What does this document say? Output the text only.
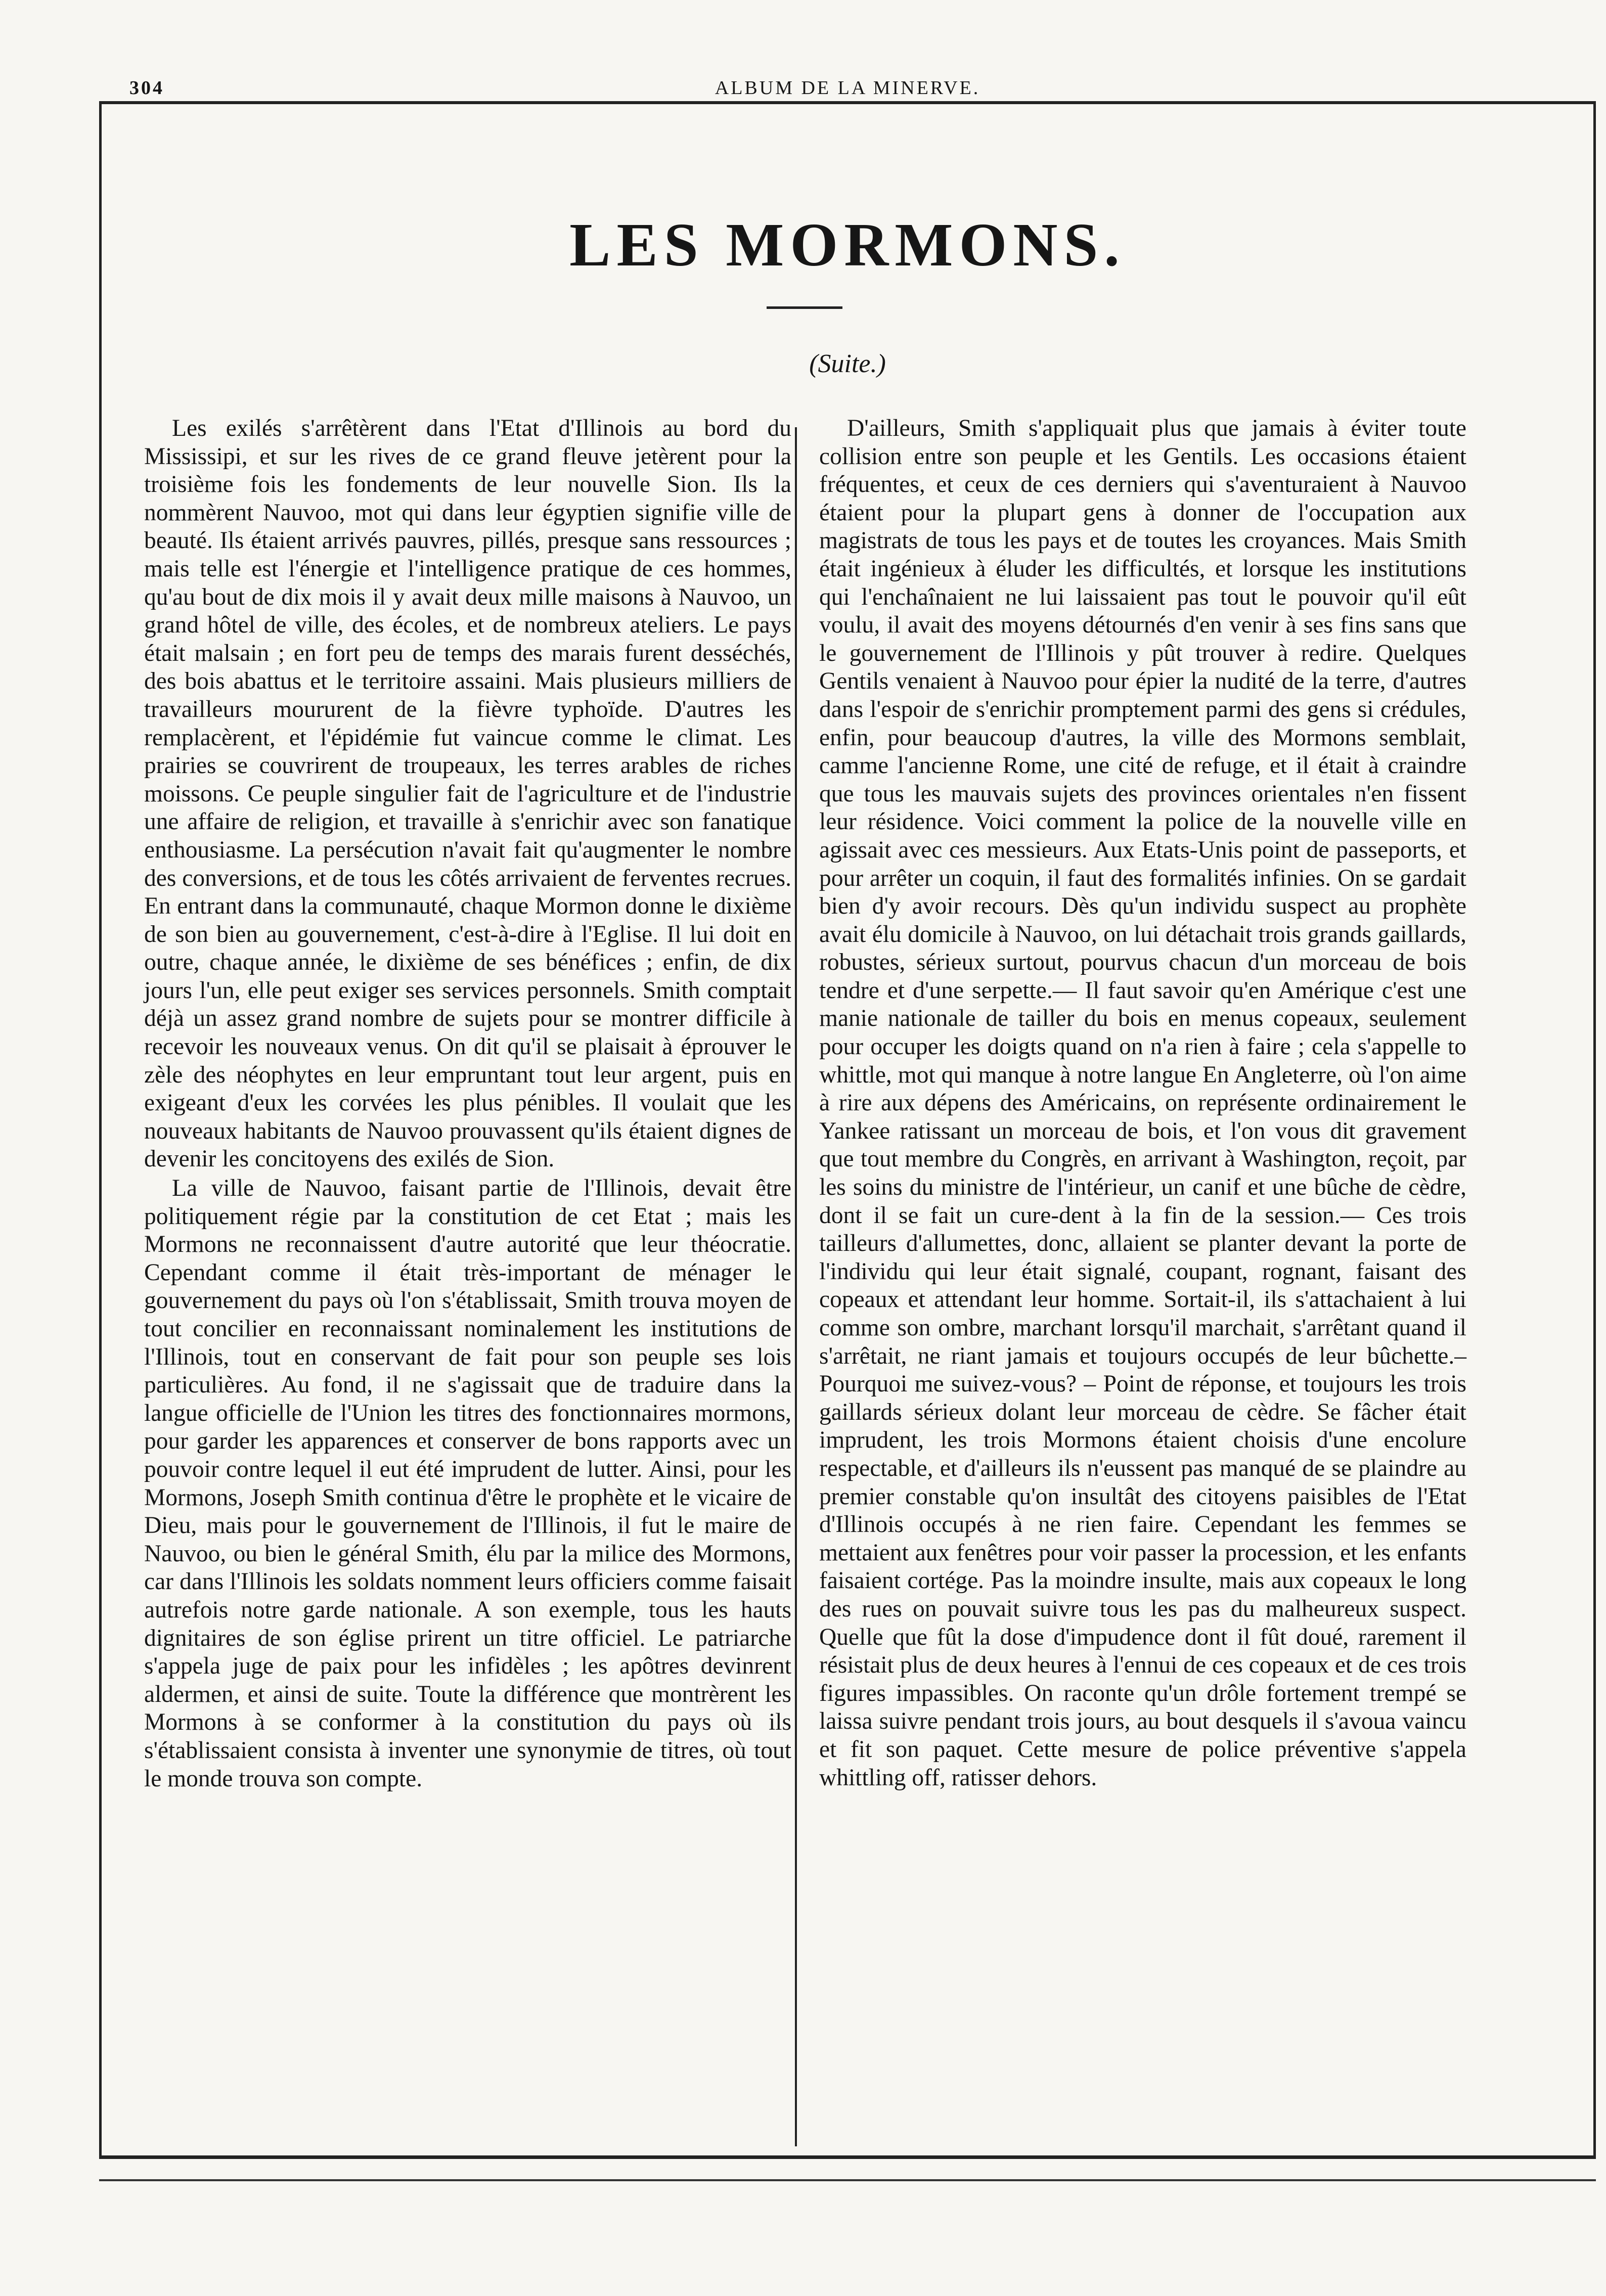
304	ALBUM DE LA MINERVE.
LES MORMONS.
(Suite.)

Les exilés s'arrêtèrent dans l'Etat d'Illinois au bord du Mississipi, et sur les rives de ce grand fleuve jetèrent pour la troisième fois les fondements de leur nouvelle Sion. Ils la nommèrent Nauvoo, mot qui dans leur égyptien signifie ville de beauté. Ils étaient arrivés pauvres, pillés, presque sans ressources ; mais telle est l'énergie et l'intelligence pratique de ces hommes, qu'au bout de dix mois il y avait deux mille maisons à Nauvoo, un grand hôtel de ville, des écoles, et de nombreux ateliers. Le pays était malsain ; en fort peu de temps des marais furent desséchés, des bois abattus et le territoire assaini. Mais plusieurs milliers de travailleurs moururent de la fièvre typhoïde. D'autres les remplacèrent, et l'épidémie fut vaincue comme le climat. Les prairies se couvrirent de troupeaux, les terres arables de riches moissons. Ce peuple singulier fait de l'agriculture et de l'industrie une affaire de religion, et travaille à s'enrichir avec son fanatique enthousiasme. La persécution n'avait fait qu'augmenter le nombre des conversions, et de tous les côtés arrivaient de ferventes recrues. En entrant dans la communauté, chaque Mormon donne le dixième de son bien au gouvernement, c'est-à-dire à l'Eglise. Il lui doit en outre, chaque année, le dixième de ses bénéfices ; enfin, de dix jours l'un, elle peut exiger ses services personnels. Smith comptait déjà un assez grand nombre de sujets pour se montrer difficile à recevoir les nouveaux venus. On dit qu'il se plaisait à éprouver le zèle des néophytes en leur empruntant tout leur argent, puis en exigeant d'eux les corvées les plus pénibles. Il voulait que les nouveaux habitants de Nauvoo prouvassent qu'ils étaient dignes de devenir les concitoyens des exilés de Sion.

La ville de Nauvoo, faisant partie de l'Illinois, devait être politiquement régie par la constitution de cet Etat ; mais les Mormons ne reconnaissent d'autre autorité que leur théocratie. Cependant comme il était très-important de ménager le gouvernement du pays où l'on s'établissait, Smith trouva moyen de tout concilier en reconnaissant nominalement les institutions de l'Illinois, tout en conservant de fait pour son peuple ses lois particulières. Au fond, il ne s'agissait que de traduire dans la langue officielle de l'Union les titres des fonctionnaires mormons, pour garder les apparences et conserver de bons rapports avec un pouvoir contre lequel il eut été imprudent de lutter. Ainsi, pour les Mormons, Joseph Smith continua d'être le prophète et le vicaire de Dieu, mais pour le gouvernement de l'Illinois, il fut le maire de Nauvoo, ou bien le général Smith, élu par la milice des Mormons, car dans l'Illinois les soldats nomment leurs officiers comme faisait autrefois notre garde nationale. A son exemple, tous les hauts dignitaires de son église prirent un titre officiel. Le patriarche s'appela juge de paix pour les infidèles ; les apôtres devinrent aldermen, et ainsi de suite. Toute la différence que montrèrent les Mormons à se conformer à la constitution du pays où ils s'établissaient consista à inventer une synonymie de titres, où tout le monde trouva son compte.

D'ailleurs, Smith s'appliquait plus que jamais à éviter toute collision entre son peuple et les Gentils. Les occasions étaient fréquentes, et ceux de ces derniers qui s'aventuraient à Nauvoo étaient pour la plupart gens à donner de l'occupation aux magistrats de tous les pays et de toutes les croyances. Mais Smith était ingénieux à éluder les difficultés, et lorsque les institutions qui l'enchaînaient ne lui laissaient pas tout le pouvoir qu'il eût voulu, il avait des moyens détournés d'en venir à ses fins sans que le gouvernement de l'Illinois y pût trouver à redire. Quelques Gentils venaient à Nauvoo pour épier la nudité de la terre, d'autres dans l'espoir de s'enrichir promptement parmi des gens si crédules, enfin, pour beaucoup d'autres, la ville des Mormons semblait, camme l'ancienne Rome, une cité de refuge, et il était à craindre que tous les mauvais sujets des provinces orientales n'en fissent leur résidence. Voici comment la police de la nouvelle ville en agissait avec ces messieurs. Aux Etats-Unis point de passeports, et pour arrêter un coquin, il faut des formalités infinies. On se gardait bien d'y avoir recours. Dès qu'un individu suspect au prophète avait élu domicile à Nauvoo, on lui détachait trois grands gaillards, robustes, sérieux surtout, pourvus chacun d'un morceau de bois tendre et d'une serpette.— Il faut savoir qu'en Amérique c'est une manie nationale de tailler du bois en menus copeaux, seulement pour occuper les doigts quand on n'a rien à faire ; cela s'appelle to whittle, mot qui manque à notre langue En Angleterre, où l'on aime à rire aux dépens des Américains, on représente ordinairement le Yankee ratissant un morceau de bois, et l'on vous dit gravement que tout membre du Congrès, en arrivant à Washington, reçoit, par les soins du ministre de l'intérieur, un canif et une bûche de cèdre, dont il se fait un cure-dent à la fin de la session.— Ces trois tailleurs d'allumettes, donc, allaient se planter devant la porte de l'individu qui leur était signalé, coupant, rognant, faisant des copeaux et attendant leur homme. Sortait-il, ils s'attachaient à lui comme son ombre, marchant lorsqu'il marchait, s'arrêtant quand il s'arrêtait, ne riant jamais et toujours occupés de leur bûchette.– Pourquoi me suivez-vous? – Point de réponse, et toujours les trois gaillards sérieux dolant leur morceau de cèdre. Se fâcher était imprudent, les trois Mormons étaient choisis d'une encolure respectable, et d'ailleurs ils n'eussent pas manqué de se plaindre au premier constable qu'on insultât des citoyens paisibles de l'Etat d'Illinois occupés à ne rien faire. Cependant les femmes se mettaient aux fenêtres pour voir passer la procession, et les enfants faisaient cortége. Pas la moindre insulte, mais aux copeaux le long des rues on pouvait suivre tous les pas du malheureux suspect. Quelle que fût la dose d'impudence dont il fût doué, rarement il résistait plus de deux heures à l'ennui de ces copeaux et de ces trois figures impassibles. On raconte qu'un drôle fortement trempé se laissa suivre pendant trois jours, au bout desquels il s'avoua vaincu et fit son paquet. Cette mesure de police préventive s'appela whittling off, ratisser dehors.
